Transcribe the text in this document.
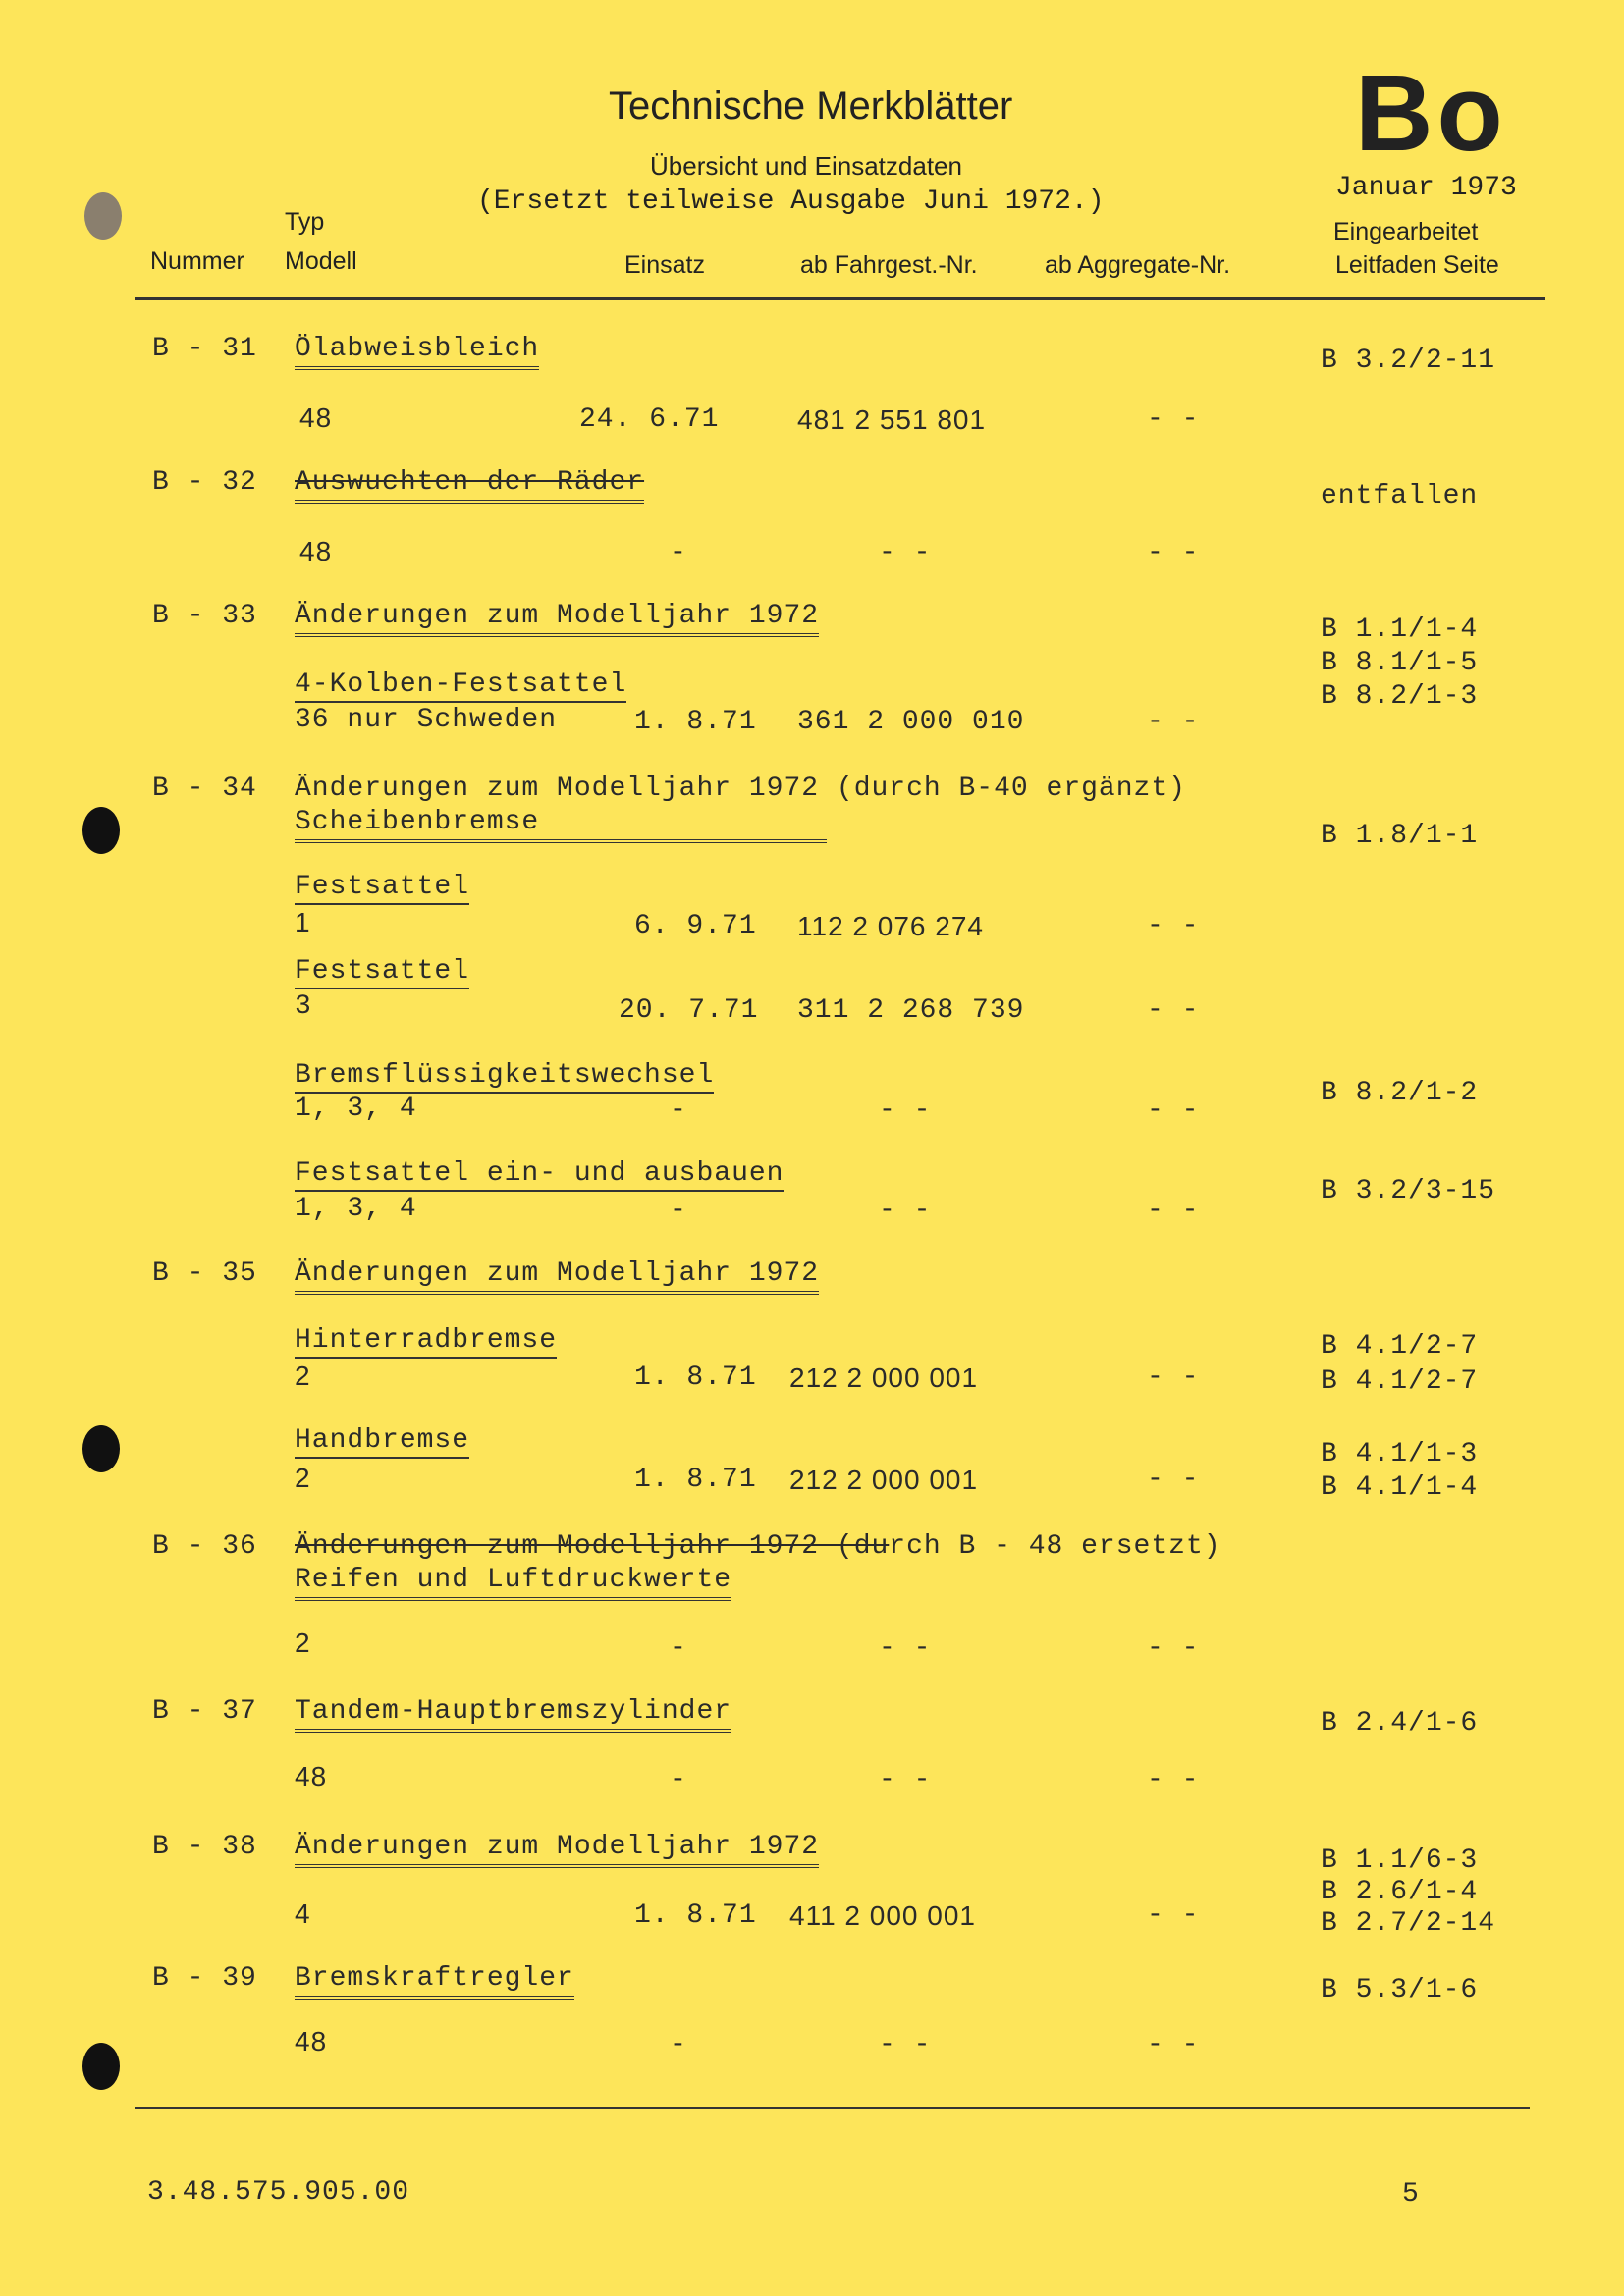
Technische Merkblätter
Übersicht und Einsatzdaten
(Ersetzt teilweise Ausgabe Juni 1972.)
Bo
Januar 1973
Eingearbeitet
Typ
Nummer Modell	Einsatz	ab Fahrgest.-Nr.	ab Aggregate-Nr.	Leitfaden Seite
B - 31 Ölabweisbleich	B 3.2/2-11
48	24. 6.71	481 2 551 801	- -
B - 32 Auswuchten der Räder	entfallen
48	-	- -	- -
B - 33 Änderungen zum Modelljahr 1972	B 1.1/1-4
B 8.1/1-5
B 8.2/1-3
4-Kolben-Festsattel
36 nur Schweden	1. 8.71 361 2 000 010	- -
B - 34 Änderungen zum Modelljahr 1972 (durch B-40 ergänzt)
Scheibenbremse	B 1.8/1-1
Festsattel
1	6. 9.71 112 2 076 274	- -
Festsattel
3	20. 7.71 311 2 268 739	- -
Bremsflüssigkeitswechsel
B 8.2/1-2
1, 3, 4	-	- -	- -
Festsattel ein- und ausbauen
B 3.2/3-15
1, 3, 4	-	- -	- -
B - 35 Änderungen zum Modelljahr 1972
Hinterradbremse	B 4.1/2-7
B 4.1/2-7
2	1. 8.71 212 2 000 001	- -
Handbremse	B 4.1/1-3
B 4.1/1-4
2	1. 8.71 212 2 000 001	- -
B - 36 Änderungen zum Modelljahr 1972 (durch B - 48 ersetzt)
Reifen und Luftdruckwerte
2	-	- -	- -
B - 37 Tandem-Hauptbremszylinder	B 2.4/1-6
48	-	- -	- -
B - 38 Änderungen zum Modelljahr 1972	B 1.1/6-3
B 2.6/1-4
B 2.7/2-14
4	1. 8.71 411 2 000 001	- -
B - 39 Bremskraftregler	B 5.3/1-6
48	-	- -	- -
3.48.575.905.00	5
